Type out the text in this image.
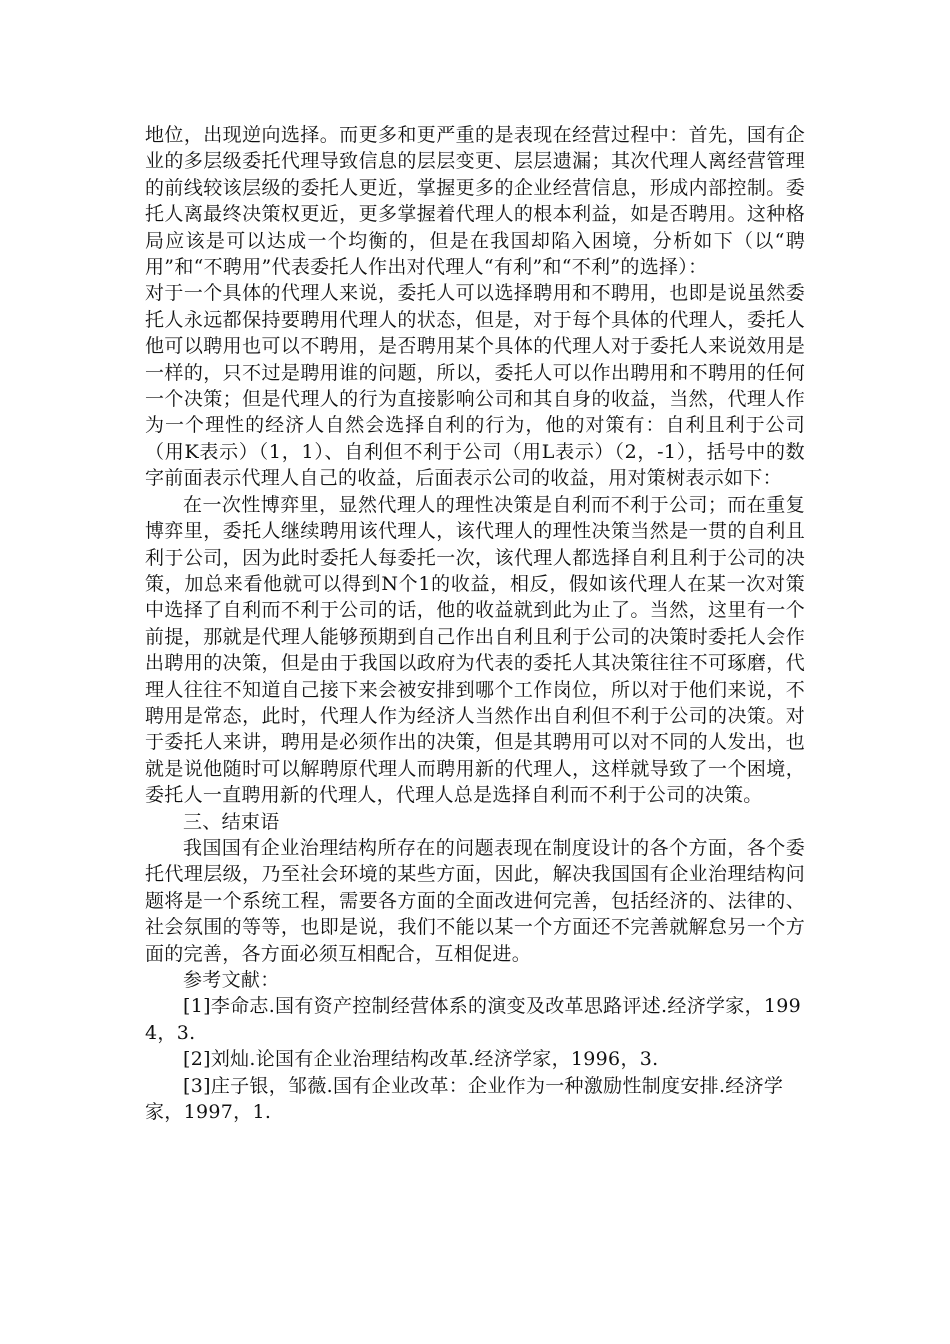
地位，出现逆向选择。而更多和更严重的是表现在经营过程中：首先，国有企业的多层级委托代理导致信息的层层变更、层层遗漏；其次代理人离经营管理的前线较该层级的委托人更近，掌握更多的企业经营信息，形成内部控制。委托人离最终决策权更近，更多掌握着代理人的根本利益，如是否聘用。这种格局应该是可以达成一个均衡的，但是在我国却陷入困境，分析如下（以“聘用”和“不聘用”代表委托人作出对代理人“有利”和“不利”的选择）：

对于一个具体的代理人来说，委托人可以选择聘用和不聘用，也即是说虽然委托人永远都保持要聘用代理人的状态，但是，对于每个具体的代理人，委托人他可以聘用也可以不聘用，是否聘用某个具体的代理人对于委托人来说效用是一样的，只不过是聘用谁的问题，所以，委托人可以作出聘用和不聘用的任何一个决策；但是代理人的行为直接影响公司和其自身的收益，当然，代理人作为一个理性的经济人自然会选择自利的行为，他的对策有：自利且利于公司（用K表示）（1，1）、自利但不利于公司（用L表示）（2，-1），括号中的数字前面表示代理人自己的收益，后面表示公司的收益，用对策树表示如下：

在一次性博弈里，显然代理人的理性决策是自利而不利于公司；而在重复博弈里，委托人继续聘用该代理人，该代理人的理性决策当然是一贯的自利且利于公司，因为此时委托人每委托一次，该代理人都选择自利且利于公司的决策，加总来看他就可以得到N个1的收益，相反，假如该代理人在某一次对策中选择了自利而不利于公司的话，他的收益就到此为止了。当然，这里有一个前提，那就是代理人能够预期到自己作出自利且利于公司的决策时委托人会作出聘用的决策，但是由于我国以政府为代表的委托人其决策往往不可琢磨，代理人往往不知道自己接下来会被安排到哪个工作岗位，所以对于他们来说，不聘用是常态，此时，代理人作为经济人当然作出自利但不利于公司的决策。对于委托人来讲，聘用是必须作出的决策，但是其聘用可以对不同的人发出，也就是说他随时可以解聘原代理人而聘用新的代理人，这样就导致了一个困境，委托人一直聘用新的代理人，代理人总是选择自利而不利于公司的决策。

三、结束语

我国国有企业治理结构所存在的问题表现在制度设计的各个方面，各个委托代理层级，乃至社会环境的某些方面，因此，解决我国国有企业治理结构问题将是一个系统工程，需要各方面的全面改进何完善，包括经济的、法律的、社会氛围的等等，也即是说，我们不能以某一个方面还不完善就解怠另一个方面的完善，各方面必须互相配合，互相促进。

参考文献：

[1]李命志.国有资产控制经营体系的演变及改革思路评述.经济学家，1994，3.

[2]刘灿.论国有企业治理结构改革.经济学家，1996，3.

[3]庄子银，邹薇.国有企业改革：企业作为一种激励性制度安排.经济学家，1997，1.
